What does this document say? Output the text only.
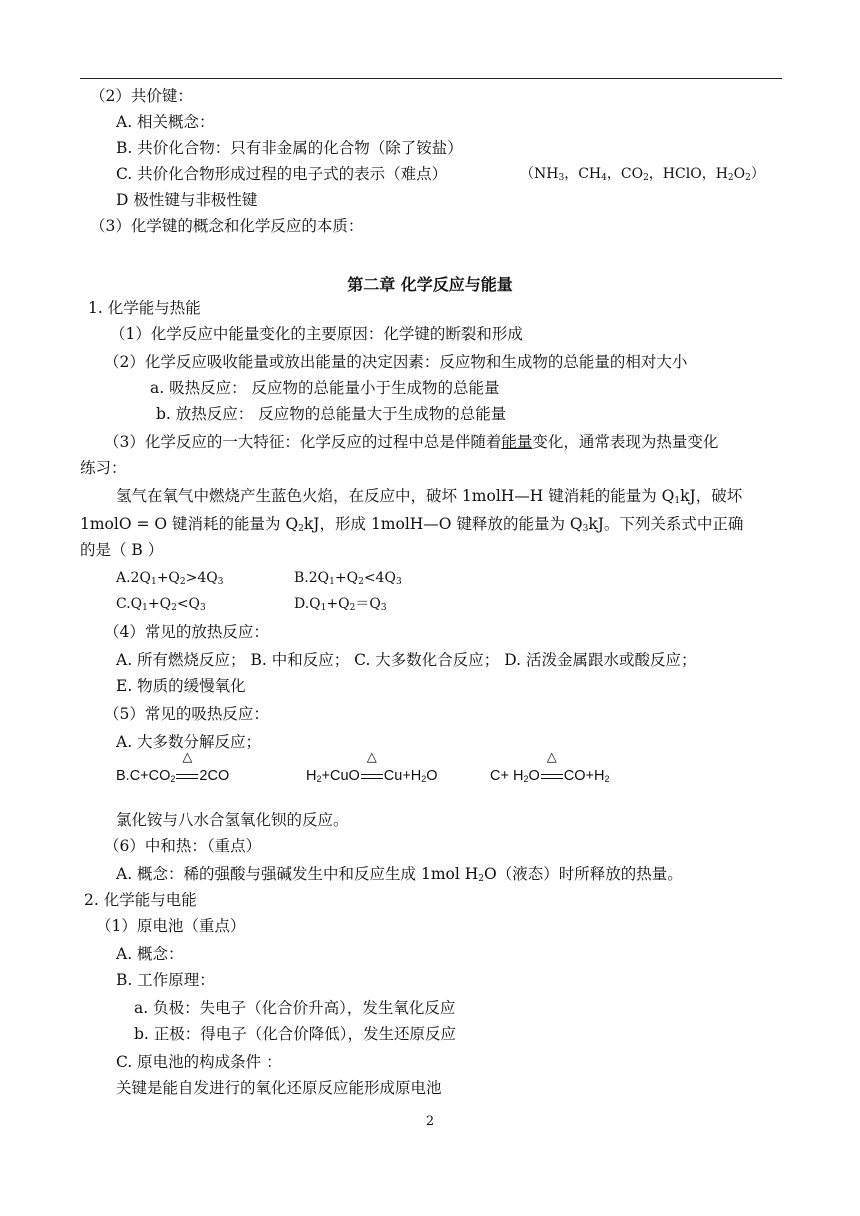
（2）共价键：
A. 相关概念：
B. 共价化合物：只有非金属的化合物（除了铵盐）
C. 共价化合物形成过程的电子式的表示（难点）	（$NH_3$，$CH_4$，$CO_2$，HClO，$H_2O_2$）
D 极性键与非极性键
（3）化学键的概念和化学反应的本质：
第二章 化学反应与能量
1. 化学能与热能
（1）化学反应中能量变化的主要原因：化学键的断裂和形成
（2）化学反应吸收能量或放出能量的决定因素：反应物和生成物的总能量的相对大小
a. 吸热反应： 反应物的总能量小于生成物的总能量
b. 放热反应： 反应物的总能量大于生成物的总能量
（3）化学反应的一大特征：化学反应的过程中总是伴随着能量变化，通常表现为热量变化
练习：
氢气在氧气中燃烧产生蓝色火焰，在反应中，破坏 1molH—H 键消耗的能量为 $Q_1kJ$，破坏
1molO = O 键消耗的能量为 $Q_2kJ$，形成 1molH—O 键释放的能量为 $Q_3kJ$。下列关系式中正确
的是（ B ）
$A.2Q_1+Q_2>4Q_3$	$B.2Q_1+Q_2<4Q_3$
$C.Q_1+Q_2<Q_3$	$D.Q_1+Q_2=Q_3$
（4）常见的放热反应：
A. 所有燃烧反应； B. 中和反应； C. 大多数化合反应； D. 活泼金属跟水或酸反应；
E. 物质的缓慢氧化
（5）常见的吸热反应：
A. 大多数分解反应；
$B.C+CO_2$
△
2CO	$H_2+CuO$
△
$Cu+H_2O$	$C+ H_2O$
△
$CO+H_2$
氯化铵与八水合氢氧化钡的反应。
（6）中和热：（重点）
A. 概念：稀的强酸与强碱发生中和反应生成 1mol $H_2O$（液态）时所释放的热量。
2. 化学能与电能
（1）原电池（重点）
A. 概念：
B. 工作原理：
a. 负极：失电子（化合价升高），发生氧化反应
b. 正极：得电子（化合价降低），发生还原反应
C. 原电池的构成条件 ：
关键是能自发进行的氧化还原反应能形成原电池
2
